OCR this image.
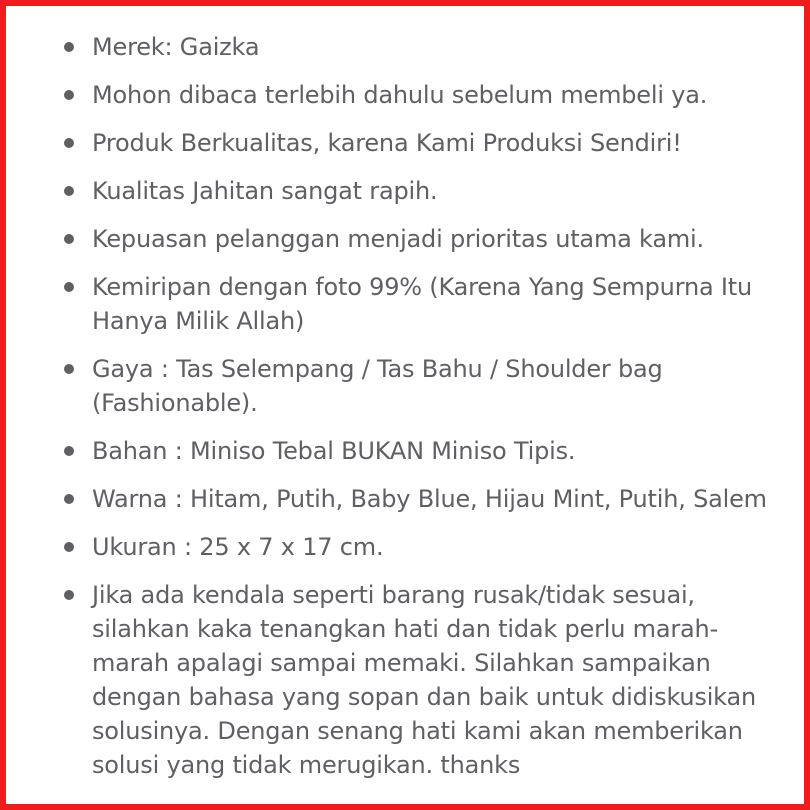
Merek: Gaizka
Mohon dibaca terlebih dahulu sebelum membeli ya.
Produk Berkualitas, karena Kami Produksi Sendiri!
Kualitas Jahitan sangat rapih.
Kepuasan pelanggan menjadi prioritas utama kami.
Kemiripan dengan foto 99% (Karena Yang Sempurna Itu Hanya Milik Allah)
Gaya : Tas Selempang / Tas Bahu / Shoulder bag (Fashionable).
Bahan : Miniso Tebal BUKAN Miniso Tipis.
Warna : Hitam, Putih, Baby Blue, Hijau Mint, Putih, Salem
Ukuran : 25 x 7 x 17 cm.
Jika ada kendala seperti barang rusak/tidak sesuai, silahkan kaka tenangkan hati dan tidak perlu marah-marah apalagi sampai memaki. Silahkan sampaikan dengan bahasa yang sopan dan baik untuk didiskusikan solusinya. Dengan senang hati kami akan memberikan solusi yang tidak merugikan. thanks
